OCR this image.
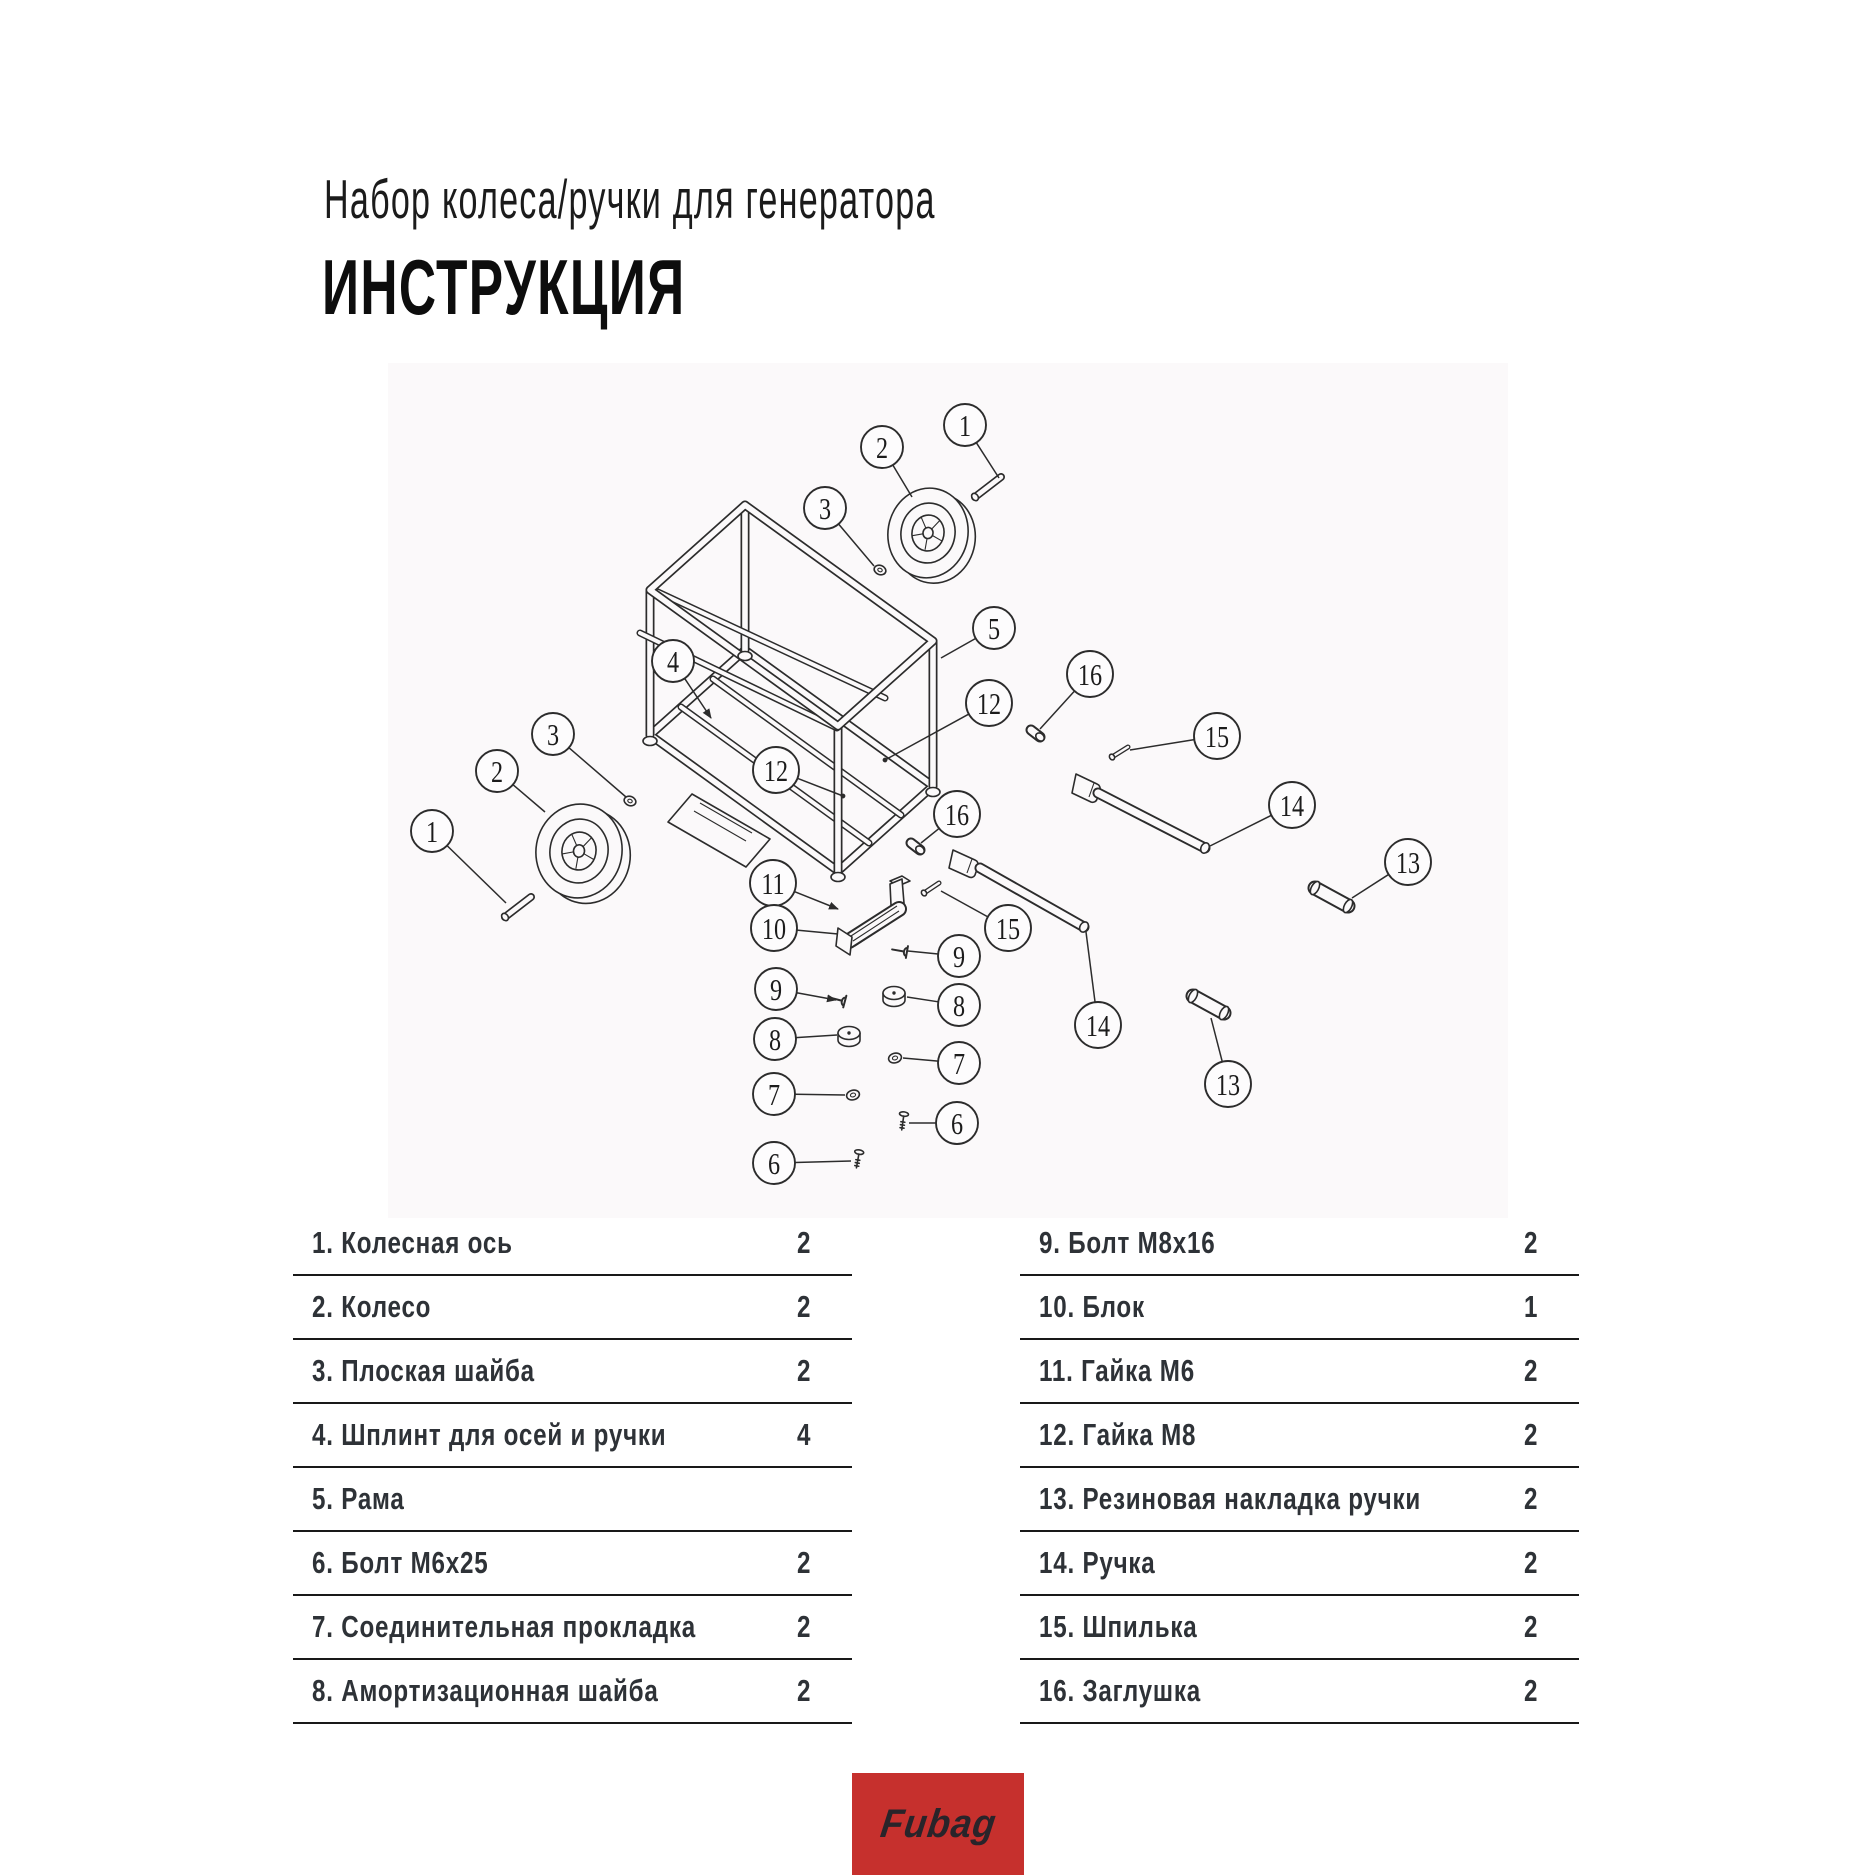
Набор колеса/ручки для генератора
ИНСТРУКЦИЯ
1
2
3
5
16
15
12
14
13
4
3
2
1
12
16
11
10	15
9
9	8
8
7
7
6
6
14
13
1. Колесная ось	2
2. Колесо	2
3. Плоская шайба	2
4. Шплинт для осей и ручки	4
5. Рама
6. Болт М6х25	2
7. Соединительная прокладка	2
8. Амортизационная шайба	2
9. Болт М8х16	2
10. Блок	1
11. Гайка М6	2
12. Гайка М8	2
13. Резиновая накладка ручки	2
14. Ручка	2
15. Шпилька	2
16. Заглушка	2
Fubag
